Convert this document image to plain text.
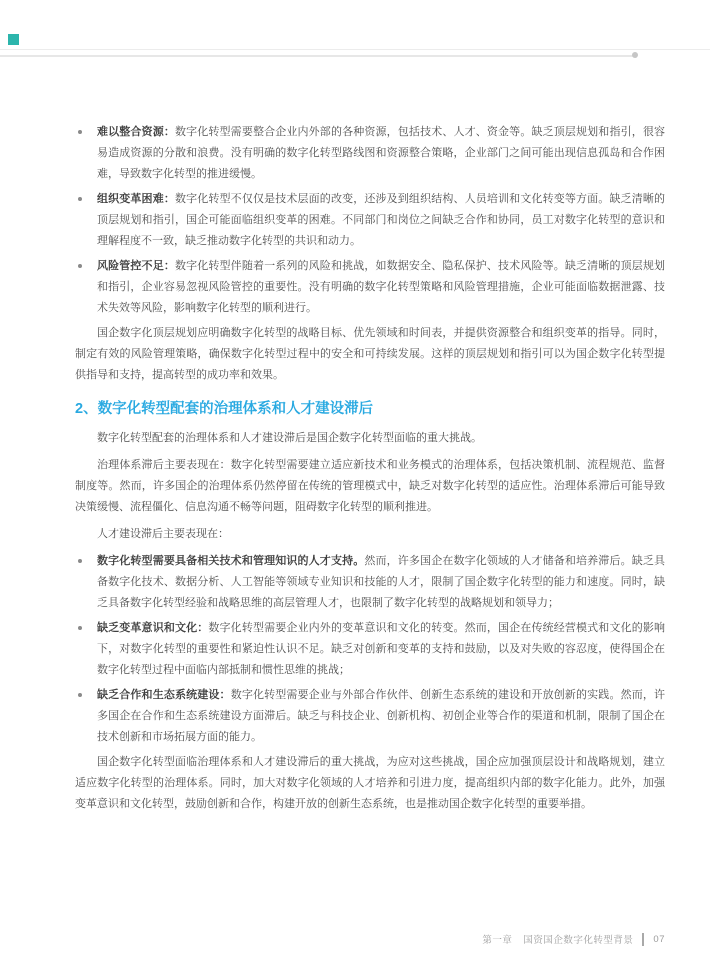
难以整合资源：数字化转型需要整合企业内外部的各种资源，包括技术、人才、资金等。缺乏顶层规划和指引，很容易造成资源的分散和浪费。没有明确的数字化转型路线图和资源整合策略，企业部门之间可能出现信息孤岛和合作困难，导致数字化转型的推进缓慢。
组织变革困难：数字化转型不仅仅是技术层面的改变，还涉及到组织结构、人员培训和文化转变等方面。缺乏清晰的顶层规划和指引，国企可能面临组织变革的困难。不同部门和岗位之间缺乏合作和协同，员工对数字化转型的意识和理解程度不一致，缺乏推动数字化转型的共识和动力。
风险管控不足：数字化转型伴随着一系列的风险和挑战，如数据安全、隐私保护、技术风险等。缺乏清晰的顶层规划和指引，企业容易忽视风险管控的重要性。没有明确的数字化转型策略和风险管理措施，企业可能面临数据泄露、技术失效等风险，影响数字化转型的顺利进行。

国企数字化顶层规划应明确数字化转型的战略目标、优先领域和时间表，并提供资源整合和组织变革的指导。同时，制定有效的风险管理策略，确保数字化转型过程中的安全和可持续发展。这样的顶层规划和指引可以为国企数字化转型提供指导和支持，提高转型的成功率和效果。

2、数字化转型配套的治理体系和人才建设滞后

数字化转型配套的治理体系和人才建设滞后是国企数字化转型面临的重大挑战。

治理体系滞后主要表现在：数字化转型需要建立适应新技术和业务模式的治理体系，包括决策机制、流程规范、监督制度等。然而，许多国企的治理体系仍然停留在传统的管理模式中，缺乏对数字化转型的适应性。治理体系滞后可能导致决策缓慢、流程僵化、信息沟通不畅等问题，阻碍数字化转型的顺利推进。

人才建设滞后主要表现在：

数字化转型需要具备相关技术和管理知识的人才支持。然而，许多国企在数字化领域的人才储备和培养滞后。缺乏具备数字化技术、数据分析、人工智能等领域专业知识和技能的人才，限制了国企数字化转型的能力和速度。同时，缺乏具备数字化转型经验和战略思维的高层管理人才，也限制了数字化转型的战略规划和领导力；
缺乏变革意识和文化：数字化转型需要企业内外的变革意识和文化的转变。然而，国企在传统经营模式和文化的影响下，对数字化转型的重要性和紧迫性认识不足。缺乏对创新和变革的支持和鼓励，以及对失败的容忍度，使得国企在数字化转型过程中面临内部抵制和惯性思维的挑战；
缺乏合作和生态系统建设：数字化转型需要企业与外部合作伙伴、创新生态系统的建设和开放创新的实践。然而，许多国企在合作和生态系统建设方面滞后。缺乏与科技企业、创新机构、初创企业等合作的渠道和机制，限制了国企在技术创新和市场拓展方面的能力。

国企数字化转型面临治理体系和人才建设滞后的重大挑战，为应对这些挑战，国企应加强顶层设计和战略规划，建立适应数字化转型的治理体系。同时，加大对数字化领域的人才培养和引进力度，提高组织内部的数字化能力。此外，加强变革意识和文化转型，鼓励创新和合作，构建开放的创新生态系统，也是推动国企数字化转型的重要举措。

第一章 国资国企数字化转型背景 07
